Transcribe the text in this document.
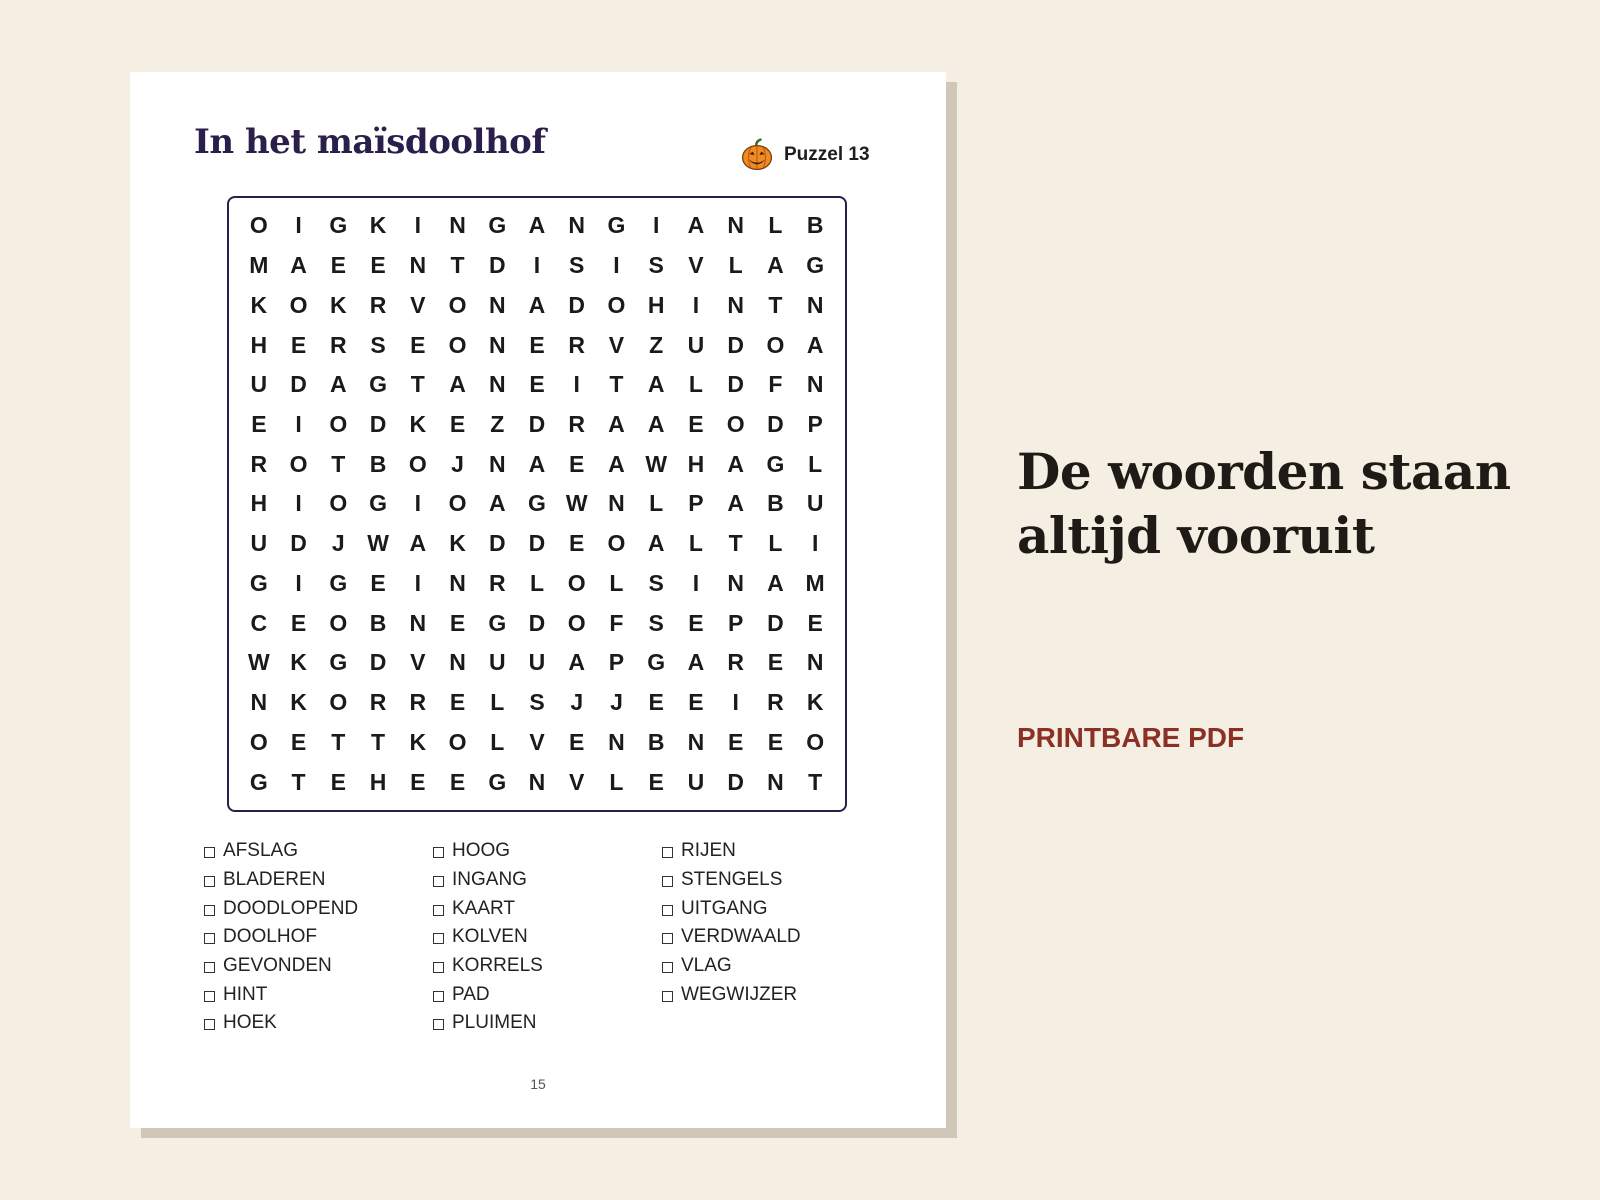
In het maïsdoolhof	Puzzel 13
O	I	G K	I	N G A	N G	I	A	N	L	B
M A	E	E	N	T	D	I	S	I	S	V	L	A G
K O K	R	V	O N	A	D O H	I	N	T	N
H	E	R	S	E	O N	E	R	V	Z	U	D O A
U	D	A G	T	A	N	E	I	T	A	L	D	F	N
E	I	O D	K	E	Z	D	R	A	A	E	O D	P
R O	T	B O	J	N	A	E	A W H	A G	L
H	I	O G	I	O A G W N	L	P	A	B	U
U	D	J W A	K	D	D	E	O A	L	T	L	I
G	I	G	E	I	N	R	L	O	L	S	I	N	A M
C	E	O B	N	E	G D O	F	S	E	P	D	E
W K G D	V	N	U	U	A	P	G A	R	E	N
N	K O R	R	E	L	S	J	J	E	E	I	R	K
O	E	T	T	K O	L	V	E	N	B	N	E	E	O
G	T	E	H	E	E	G N	V	L	E	U	D	N	T
AFSLAG
BLADEREN
DOODLOPEND
DOOLHOF
GEVONDEN
HINT
HOEK
HOOG
INGANG
KAART
KOLVEN
KORRELS
PAD
PLUIMEN
RIJEN
STENGELS
UITGANG
VERDWAALD
VLAG
WEGWIJZER
15
De woorden staan
altijd vooruit
PRINTBARE PDF
